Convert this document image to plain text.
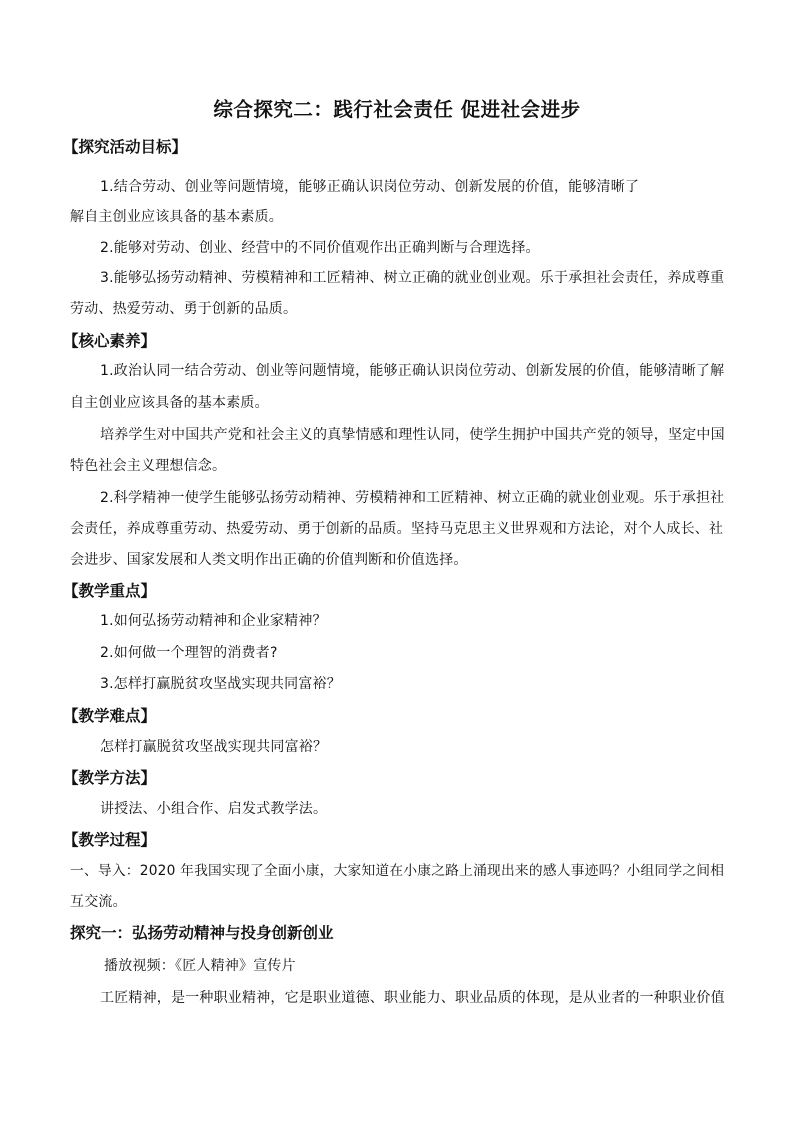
综合探究二：践行社会责任 促进社会进步
【探究活动目标】
1.结合劳动、创业等问题情境，能够正确认识岗位劳动、创新发展的价值，能够清晰了
解自主创业应该具备的基本素质。
2.能够对劳动、创业、经营中的不同价值观作出正确判断与合理选择。
3.能够弘扬劳动精神、劳模精神和工匠精神、树立正确的就业创业观。乐于承担社会责任，养成尊重
劳动、热爱劳动、勇于创新的品质。
【核心素养】
1.政治认同一结合劳动、创业等问题情境，能够正确认识岗位劳动、创新发展的价值，能够清晰了解
自主创业应该具备的基本素质。
培养学生对中国共产党和社会主义的真挚情感和理性认同，使学生拥护中国共产党的领导，坚定中国
特色社会主义理想信念。
2.科学精神一使学生能够弘扬劳动精神、劳模精神和工匠精神、树立正确的就业创业观。乐于承担社
会责任，养成尊重劳动、热爱劳动、勇于创新的品质。坚持马克思主义世界观和方法论，对个人成长、社
会进步、国家发展和人类文明作出正确的价值判断和价值选择。
【教学重点】
1.如何弘扬劳动精神和企业家精神？
2.如何做一个理智的消费者?
3.怎样打赢脱贫攻坚战实现共同富裕？
【教学难点】
怎样打赢脱贫攻坚战实现共同富裕？
【教学方法】
讲授法、小组合作、启发式教学法。
【教学过程】
一、导入：2020 年我国实现了全面小康，大家知道在小康之路上涌现出来的感人事迹吗？小组同学之间相
互交流。
探究一：弘扬劳动精神与投身创新创业
播放视频：《匠人精神》宣传片
工匠精神，是一种职业精神，它是职业道德、职业能力、职业品质的体现，是从业者的一种职业价值
